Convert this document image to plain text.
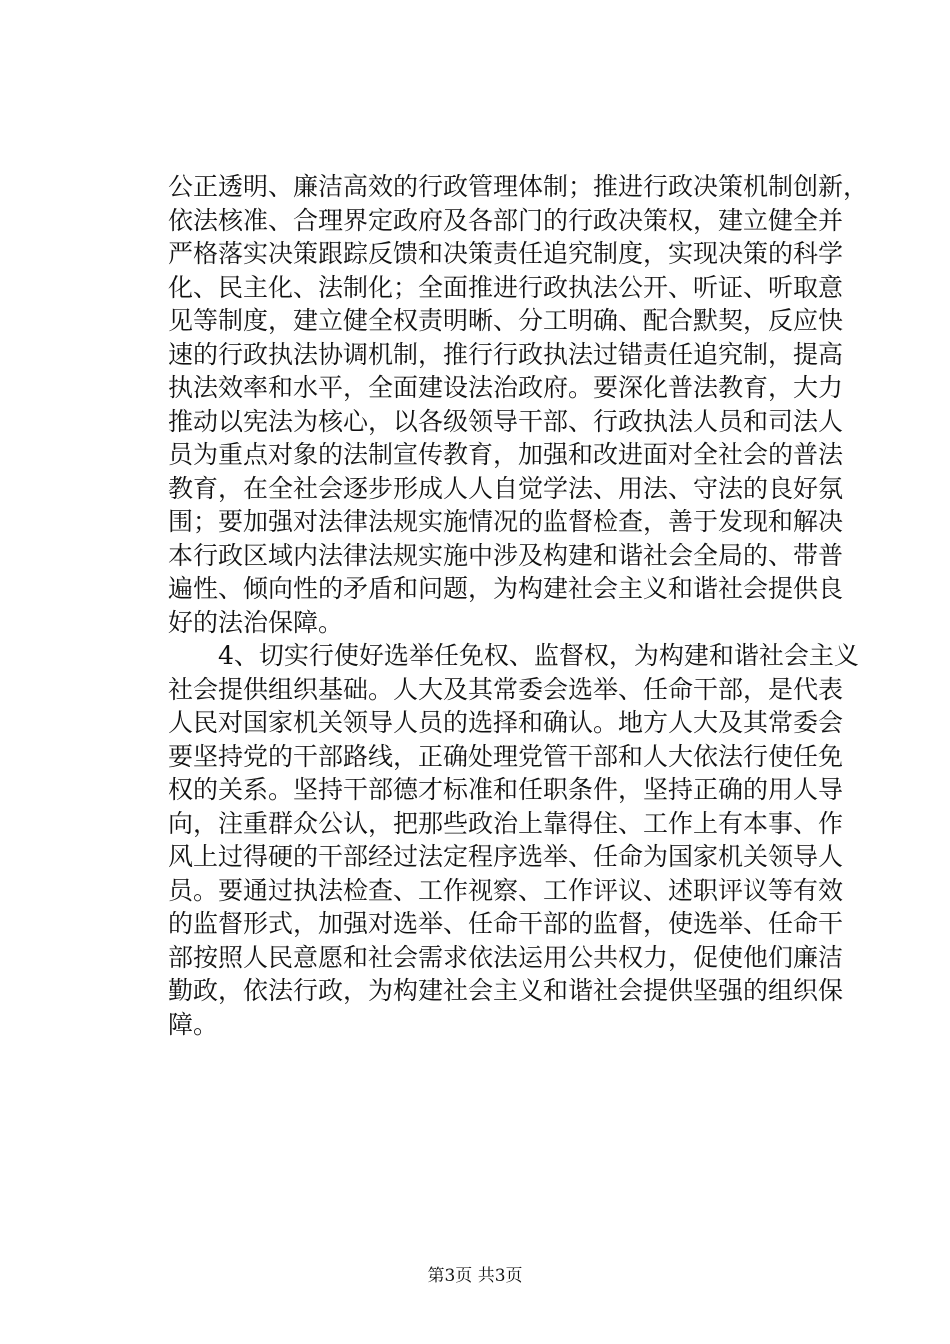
公正透明、廉洁高效的行政管理体制；推进行政决策机制创新，
依法核准、合理界定政府及各部门的行政决策权，建立健全并
严格落实决策跟踪反馈和决策责任追究制度，实现决策的科学
化、民主化、法制化；全面推进行政执法公开、听证、听取意
见等制度，建立健全权责明晰、分工明确、配合默契，反应快
速的行政执法协调机制，推行行政执法过错责任追究制，提高
执法效率和水平，全面建设法治政府。要深化普法教育，大力
推动以宪法为核心，以各级领导干部、行政执法人员和司法人
员为重点对象的法制宣传教育，加强和改进面对全社会的普法
教育，在全社会逐步形成人人自觉学法、用法、守法的良好氛
围；要加强对法律法规实施情况的监督检查，善于发现和解决
本行政区域内法律法规实施中涉及构建和谐社会全局的、带普
遍性、倾向性的矛盾和问题，为构建社会主义和谐社会提供良
好的法治保障。
4、切实行使好选举任免权、监督权，为构建和谐社会主义
社会提供组织基础。人大及其常委会选举、任命干部，是代表
人民对国家机关领导人员的选择和确认。地方人大及其常委会
要坚持党的干部路线，正确处理党管干部和人大依法行使任免
权的关系。坚持干部德才标准和任职条件，坚持正确的用人导
向，注重群众公认，把那些政治上靠得住、工作上有本事、作
风上过得硬的干部经过法定程序选举、任命为国家机关领导人
员。要通过执法检查、工作视察、工作评议、述职评议等有效
的监督形式，加强对选举、任命干部的监督，使选举、任命干
部按照人民意愿和社会需求依法运用公共权力，促使他们廉洁
勤政，依法行政，为构建社会主义和谐社会提供坚强的组织保
障。
第3页 共3页
